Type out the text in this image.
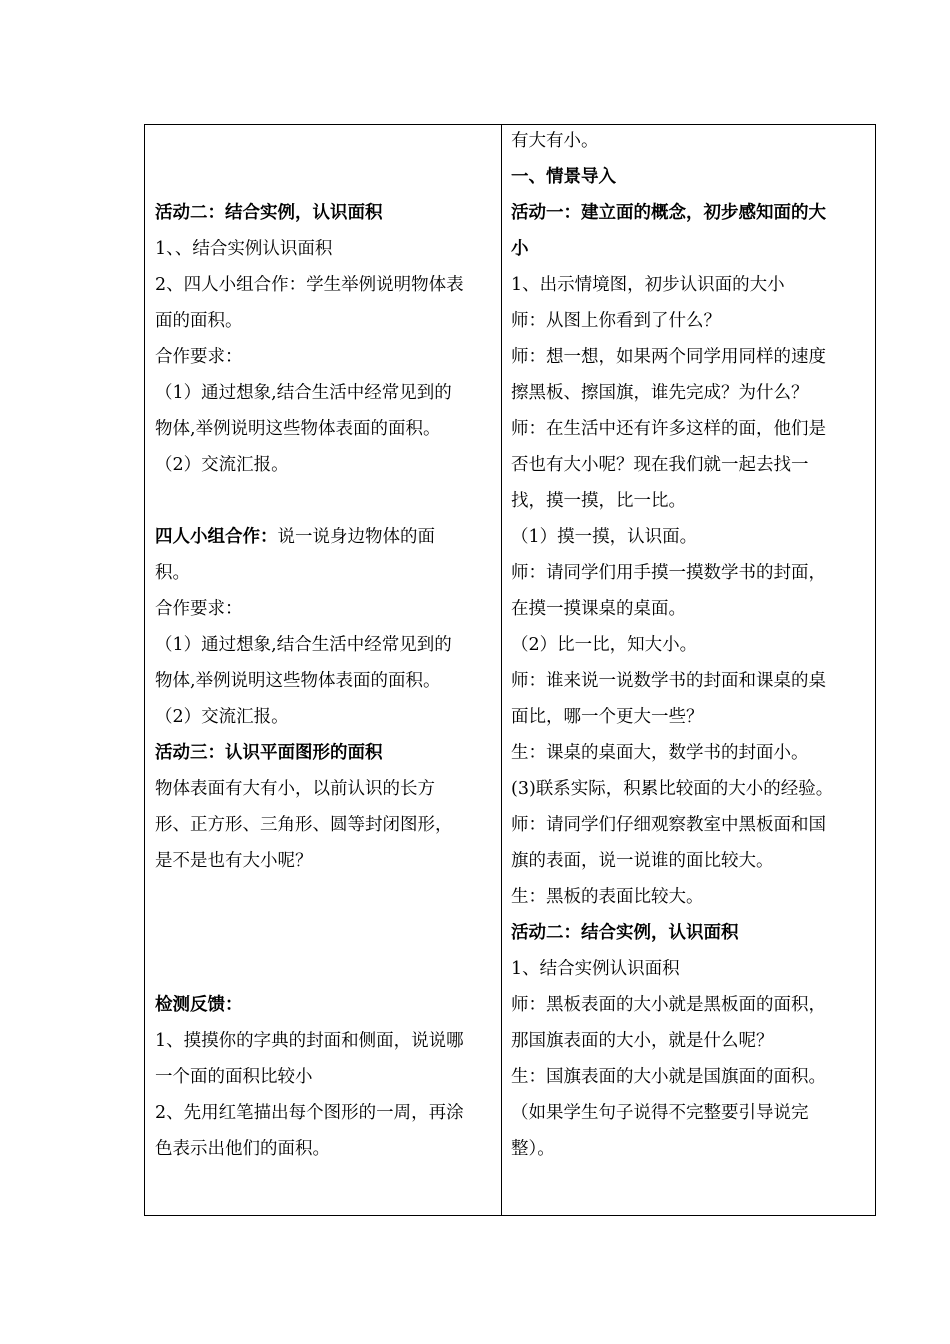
活动二：结合实例，认识面积
1、、结合实例认识面积
2、四人小组合作：学生举例说明物体表
面的面积。
合作要求：
（1）通过想象,结合生活中经常见到的
物体,举例说明这些物体表面的面积。
（2）交流汇报。
四人小组合作：说一说身边物体的面
积。
合作要求：
（1）通过想象,结合生活中经常见到的
物体,举例说明这些物体表面的面积。
（2）交流汇报。
活动三：认识平面图形的面积
物体表面有大有小，以前认识的长方
形、正方形、三角形、圆等封闭图形，
是不是也有大小呢？
检测反馈：
1、摸摸你的字典的封面和侧面，说说哪
一个面的面积比较小
2、先用红笔描出每个图形的一周，再涂
色表示出他们的面积。
有大有小。
一、情景导入
活动一：建立面的概念，初步感知面的大
小
1、出示情境图，初步认识面的大小
师：从图上你看到了什么？
师：想一想，如果两个同学用同样的速度
擦黑板、擦国旗，谁先完成？为什么？
师：在生活中还有许多这样的面，他们是
否也有大小呢？现在我们就一起去找一
找，摸一摸，比一比。
（1）摸一摸，认识面。
师：请同学们用手摸一摸数学书的封面，
在摸一摸课桌的桌面。
（2）比一比，知大小。
师：谁来说一说数学书的封面和课桌的桌
面比，哪一个更大一些？
生：课桌的桌面大，数学书的封面小。
(3)联系实际，积累比较面的大小的经验。
师：请同学们仔细观察教室中黑板面和国
旗的表面，说一说谁的面比较大。
生：黑板的表面比较大。
活动二：结合实例，认识面积
1、结合实例认识面积
师：黑板表面的大小就是黑板面的面积，
那国旗表面的大小，就是什么呢？
生：国旗表面的大小就是国旗面的面积。
（如果学生句子说得不完整要引导说完
整）。
